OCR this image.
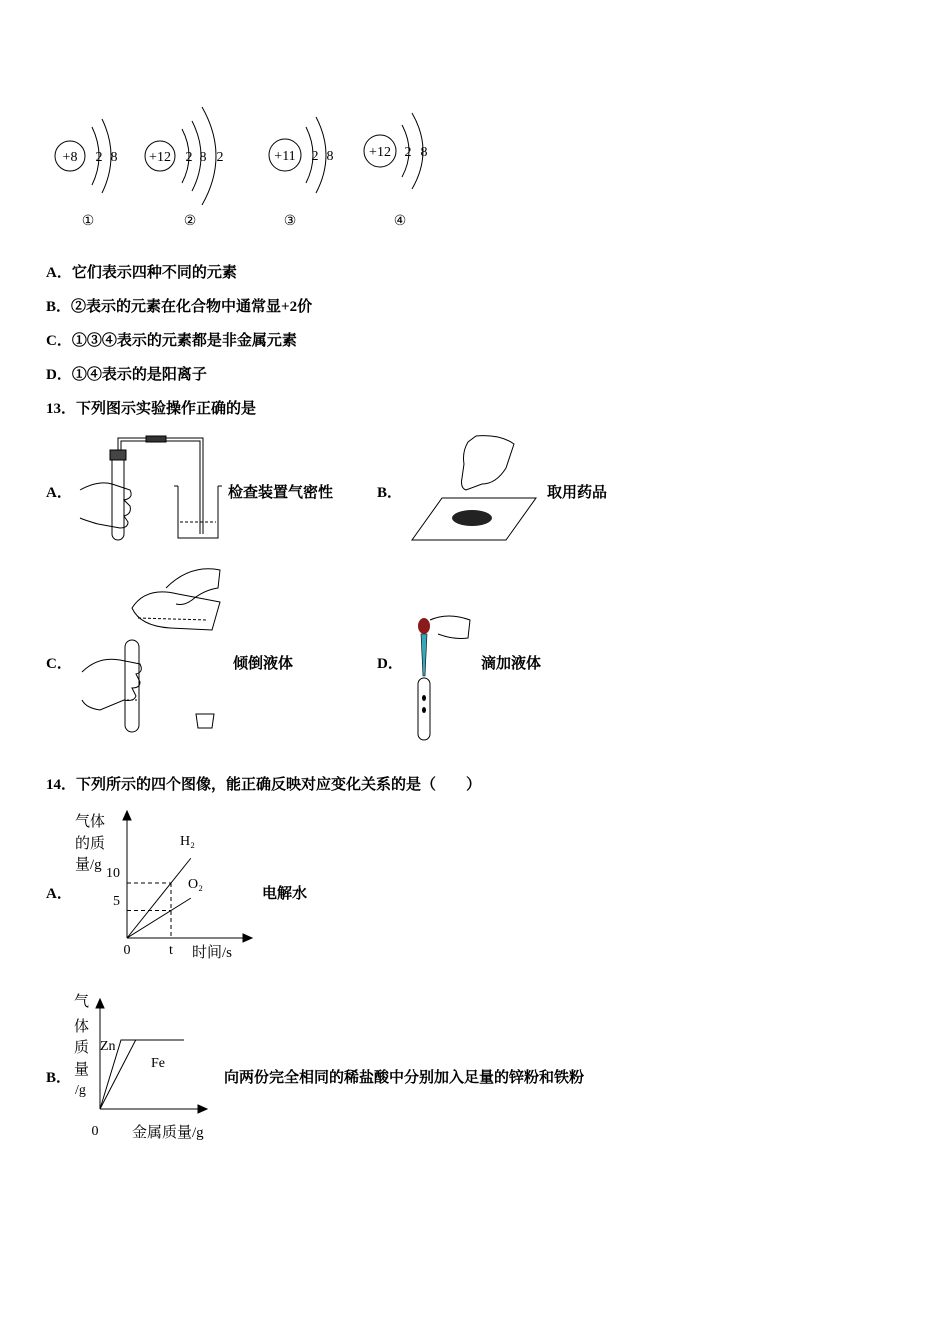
+8 2 8
①
+12 2 8 2
②
+11 2 8
③
+12 2 8
④
A．它们表示四种不同的元素
B．②表示的元素在化合物中通常显+2价
C．①③④表示的元素都是非金属元素
D．①④表示的是阳离子
13．下列图示实验操作正确的是
A．	检查装置气密性	B．	取用药品
C．	倾倒液体	D．	滴加液体
14．下列所示的四个图像，能正确反映对应变化关系的是（　　）
A．
气体
的质
量/g
0
10
5
t
H₂
O₂
时间/s
电解水
B．
气
体
质
量
/g
Zn
Fe
0 金属质量/g
向两份完全相同的稀盐酸中分别加入足量的锌粉和铁粉
